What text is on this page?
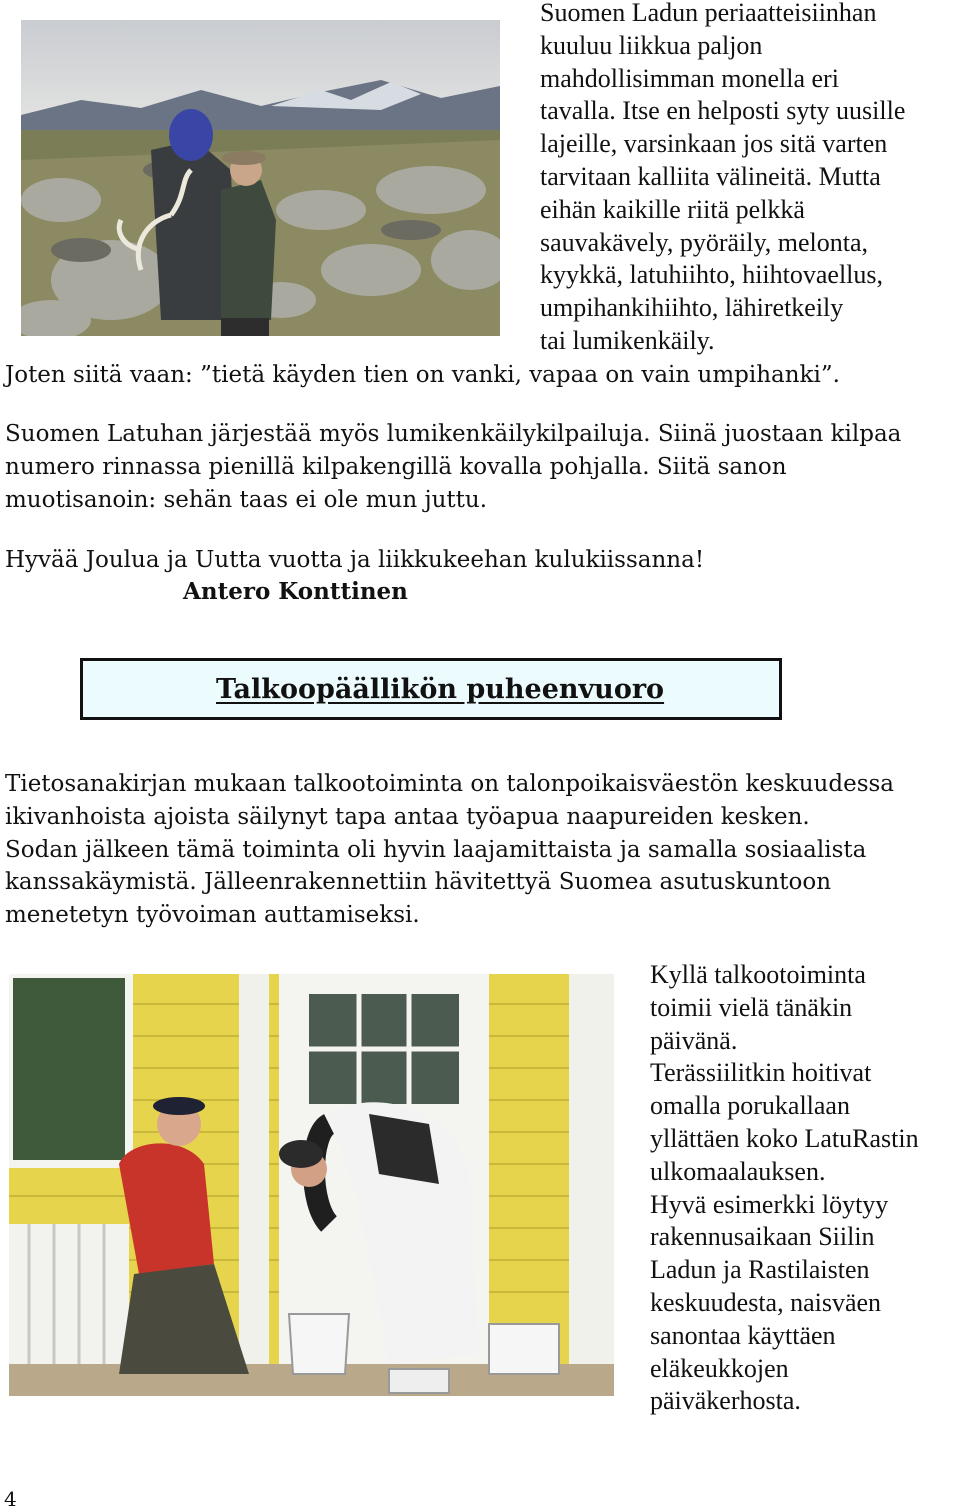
Suomen Ladun periaatteisiinhan
kuuluu liikkua paljon
mahdollisimman monella eri
tavalla. Itse en helposti syty uusille
lajeille, varsinkaan jos sitä varten
tarvitaan kalliita välineitä. Mutta
eihän kaikille riitä pelkkä
sauvakävely, pyöräily, melonta,
kyykkä, latuhiihto, hiihtovaellus,
umpihankihiihto, lähiretkeily
tai lumikenkäily.
Joten siitä vaan: ”tietä käyden tien on vanki, vapaa on vain umpihanki”.
Suomen Latuhan järjestää myös lumikenkäilykilpailuja. Siinä juostaan kilpaa
numero rinnassa pienillä kilpakengillä kovalla pohjalla. Siitä sanon
muotisanoin: sehän taas ei ole mun juttu.
Hyvää Joulua ja Uutta vuotta ja liikkukeehan kulukiissanna!
Antero Konttinen
Talkoopäällikön puheenvuoro
Tietosanakirjan mukaan talkootoiminta on talonpoikaisväestön keskuudessa
ikivanhoista ajoista säilynyt tapa antaa työapua naapureiden kesken.
Sodan jälkeen tämä toiminta oli hyvin laajamittaista ja samalla sosiaalista
kanssakäymistä. Jälleenrakennettiin hävitettyä Suomea asutuskuntoon
menetetyn työvoiman auttamiseksi.
Kyllä talkootoiminta
toimii vielä tänäkin
päivänä.
Terässiilitkin hoitivat
omalla porukallaan
yllättäen koko LatuRastin
ulkomaalauksen.
Hyvä esimerkki löytyy
rakennusaikaan Siilin
Ladun ja Rastilaisten
keskuudesta, naisväen
sanontaa käyttäen
eläkeukkojen
päiväkerhosta.
4
